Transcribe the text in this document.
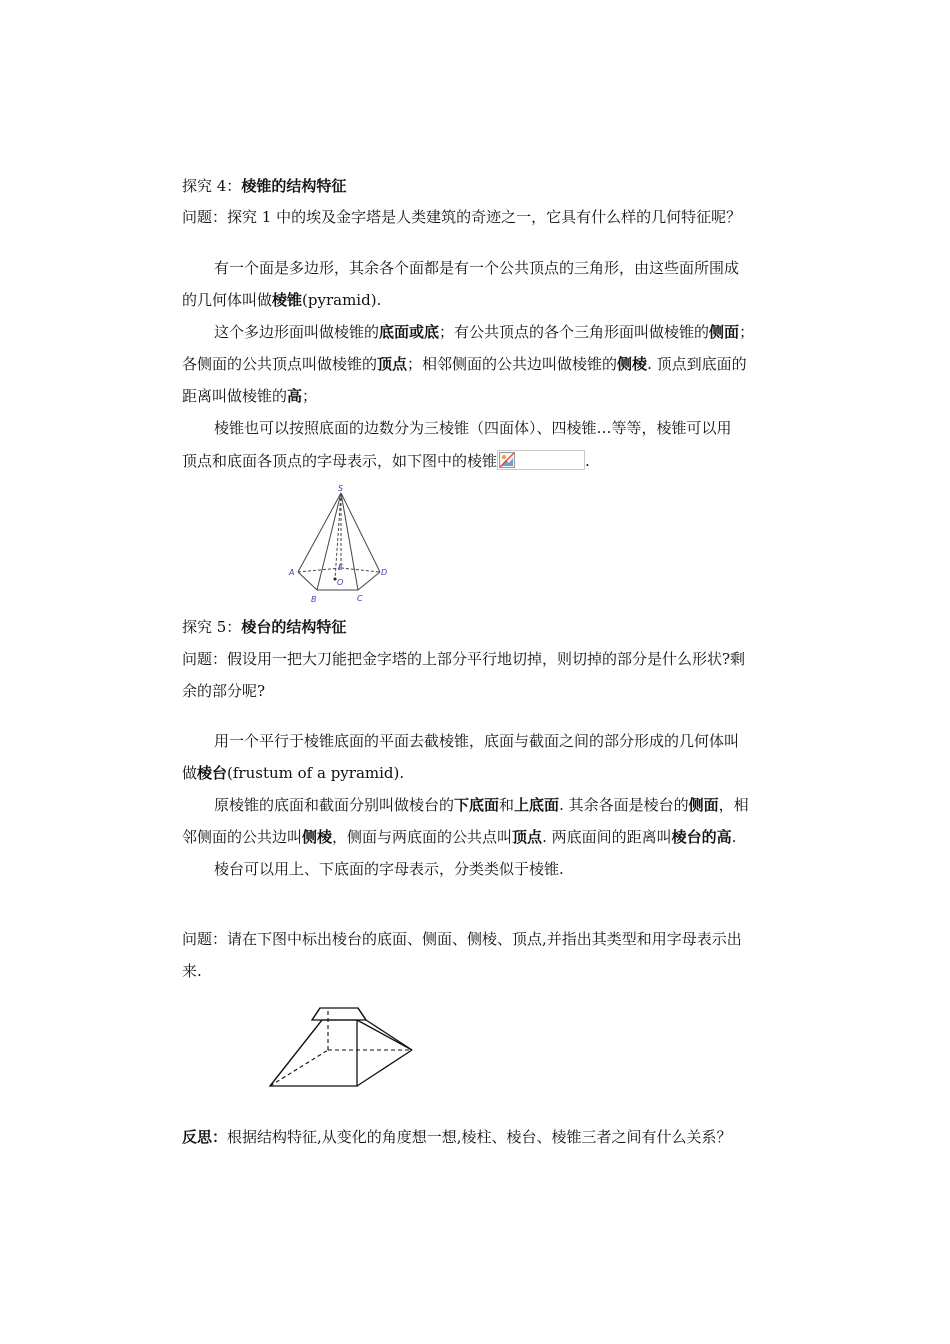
探究 4：棱锥的结构特征
问题：探究 1 中的埃及金字塔是人类建筑的奇迹之一，它具有什么样的几何特征呢？
有一个面是多边形，其余各个面都是有一个公共顶点的三角形，由这些面所围成
的几何体叫做棱锥(pyramid).
这个多边形面叫做棱锥的底面或底；有公共顶点的各个三角形面叫做棱锥的侧面；
各侧面的公共顶点叫做棱锥的顶点；相邻侧面的公共边叫做棱锥的侧棱. 顶点到底面的
距离叫做棱锥的高；
棱锥也可以按照底面的边数分为三棱锥（四面体）、四棱锥…等等，棱锥可以用
顶点和底面各顶点的字母表示，如下图中的棱锥	.
S
A
B	C
D
E
O
探究 5：棱台的结构特征
问题：假设用一把大刀能把金字塔的上部分平行地切掉，则切掉的部分是什么形状?剩
余的部分呢?
用一个平行于棱锥底面的平面去截棱锥，底面与截面之间的部分形成的几何体叫
做棱台(frustum of a pyramid).
原棱锥的底面和截面分别叫做棱台的下底面和上底面. 其余各面是棱台的侧面，相
邻侧面的公共边叫侧棱，侧面与两底面的公共点叫顶点. 两底面间的距离叫棱台的高.
棱台可以用上、下底面的字母表示，分类类似于棱锥.
问题：请在下图中标出棱台的底面、侧面、侧棱、顶点,并指出其类型和用字母表示出
来.
反思：根据结构特征,从变化的角度想一想,棱柱、棱台、棱锥三者之间有什么关系？
